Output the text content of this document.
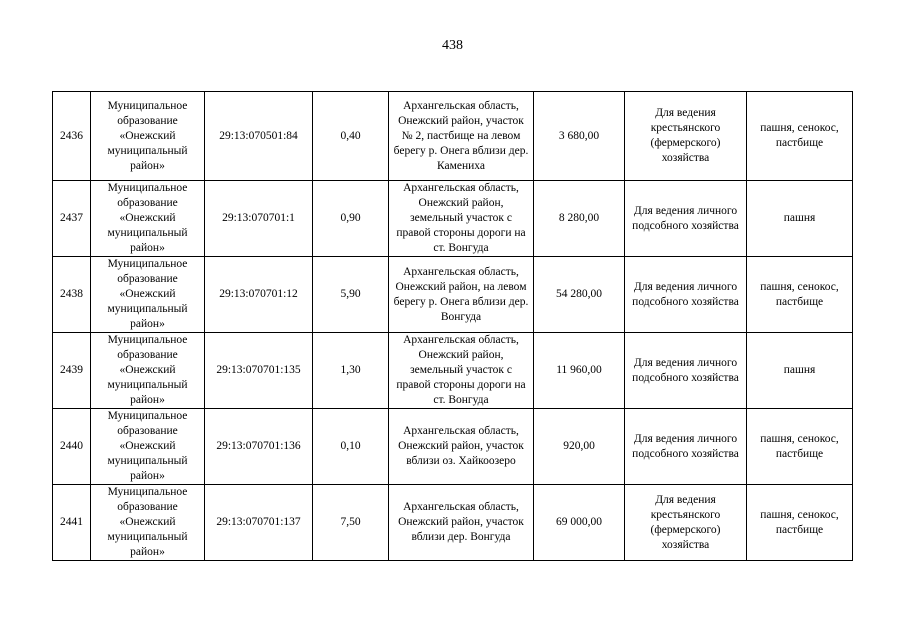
438
2436	Муниципальное образование «Онежский муниципальный район»	29:13:070501:84	0,40	Архангельская область, Онежский район, участок № 2, пастбище на левом берегу р. Онега вблизи дер. Камениха	3 680,00	Для ведения крестьянского (фермерского) хозяйства	пашня, сенокос, пастбище
2437	Муниципальное образование «Онежский муниципальный район»	29:13:070701:1	0,90	Архангельская область, Онежский район, земельный участок с правой стороны дороги на ст. Вонгуда	8 280,00	Для ведения личного подсобного хозяйства	пашня
2438	Муниципальное образование «Онежский муниципальный район»	29:13:070701:12	5,90	Архангельская область, Онежский район, на левом берегу р. Онега вблизи дер. Вонгуда	54 280,00	Для ведения личного подсобного хозяйства	пашня, сенокос, пастбище
2439	Муниципальное образование «Онежский муниципальный район»	29:13:070701:135	1,30	Архангельская область, Онежский район, земельный участок с правой стороны дороги на ст. Вонгуда	11 960,00	Для ведения личного подсобного хозяйства	пашня
2440	Муниципальное образование «Онежский муниципальный район»	29:13:070701:136	0,10	Архангельская область, Онежский район, участок вблизи оз. Хайкоозеро	920,00	Для ведения личного подсобного хозяйства	пашня, сенокос, пастбище
2441	Муниципальное образование «Онежский муниципальный район»	29:13:070701:137	7,50	Архангельская область, Онежский район, участок вблизи дер. Вонгуда	69 000,00	Для ведения крестьянского (фермерского) хозяйства	пашня, сенокос, пастбище
